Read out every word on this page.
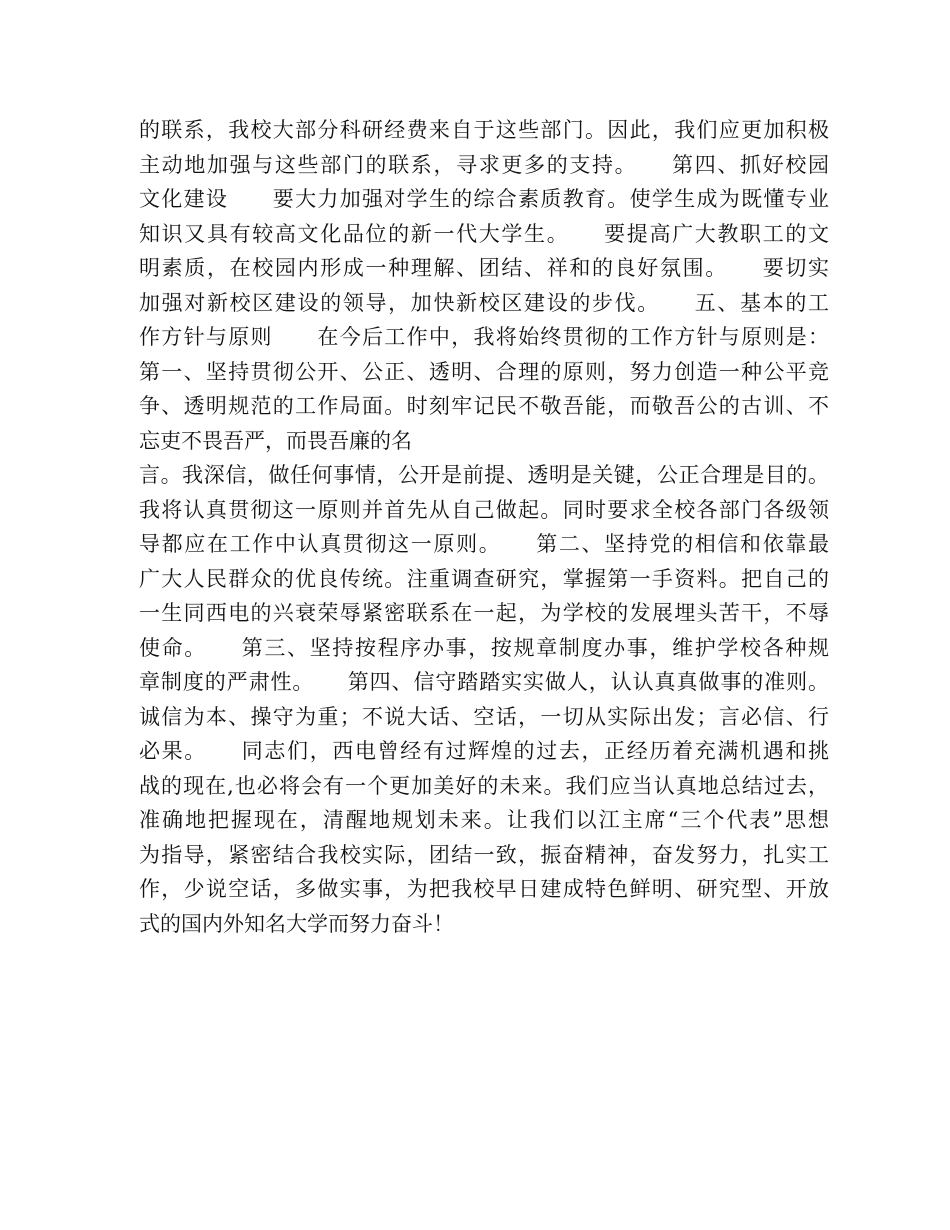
的联系，我校大部分科研经费来自于这些部门。因此，我们应更加积极
主动地加强与这些部门的联系，寻求更多的支持。　　第四、抓好校园
文化建设　　要大力加强对学生的综合素质教育。使学生成为既懂专业
知识又具有较高文化品位的新一代大学生。　　要提高广大教职工的文
明素质，在校园内形成一种理解、团结、祥和的良好氛围。　　要切实
加强对新校区建设的领导，加快新校区建设的步伐。　　五、基本的工
作方针与原则　　在今后工作中，我将始终贯彻的工作方针与原则是：
第一、坚持贯彻公开、公正、透明、合理的原则，努力创造一种公平竞
争、透明规范的工作局面。时刻牢记民不敬吾能，而敬吾公的古训、不
忘吏不畏吾严，而畏吾廉的名
言。我深信，做任何事情，公开是前提、透明是关键，公正合理是目的。
我将认真贯彻这一原则并首先从自己做起。同时要求全校各部门各级领
导都应在工作中认真贯彻这一原则。　　第二、坚持党的相信和依靠最
广大人民群众的优良传统。注重调查研究，掌握第一手资料。把自己的
一生同西电的兴衰荣辱紧密联系在一起，为学校的发展埋头苦干，不辱
使命。　　第三、坚持按程序办事，按规章制度办事，维护学校各种规
章制度的严肃性。　　第四、信守踏踏实实做人，认认真真做事的准则。
诚信为本、操守为重；不说大话、空话，一切从实际出发；言必信、行
必果。　　同志们，西电曾经有过辉煌的过去，正经历着充满机遇和挑
战的现在,也必将会有一个更加美好的未来。我们应当认真地总结过去，
准确地把握现在，清醒地规划未来。让我们以江主席“三个代表”思想
为指导，紧密结合我校实际，团结一致，振奋精神，奋发努力，扎实工
作，少说空话，多做实事，为把我校早日建成特色鲜明、研究型、开放
式的国内外知名大学而努力奋斗！
